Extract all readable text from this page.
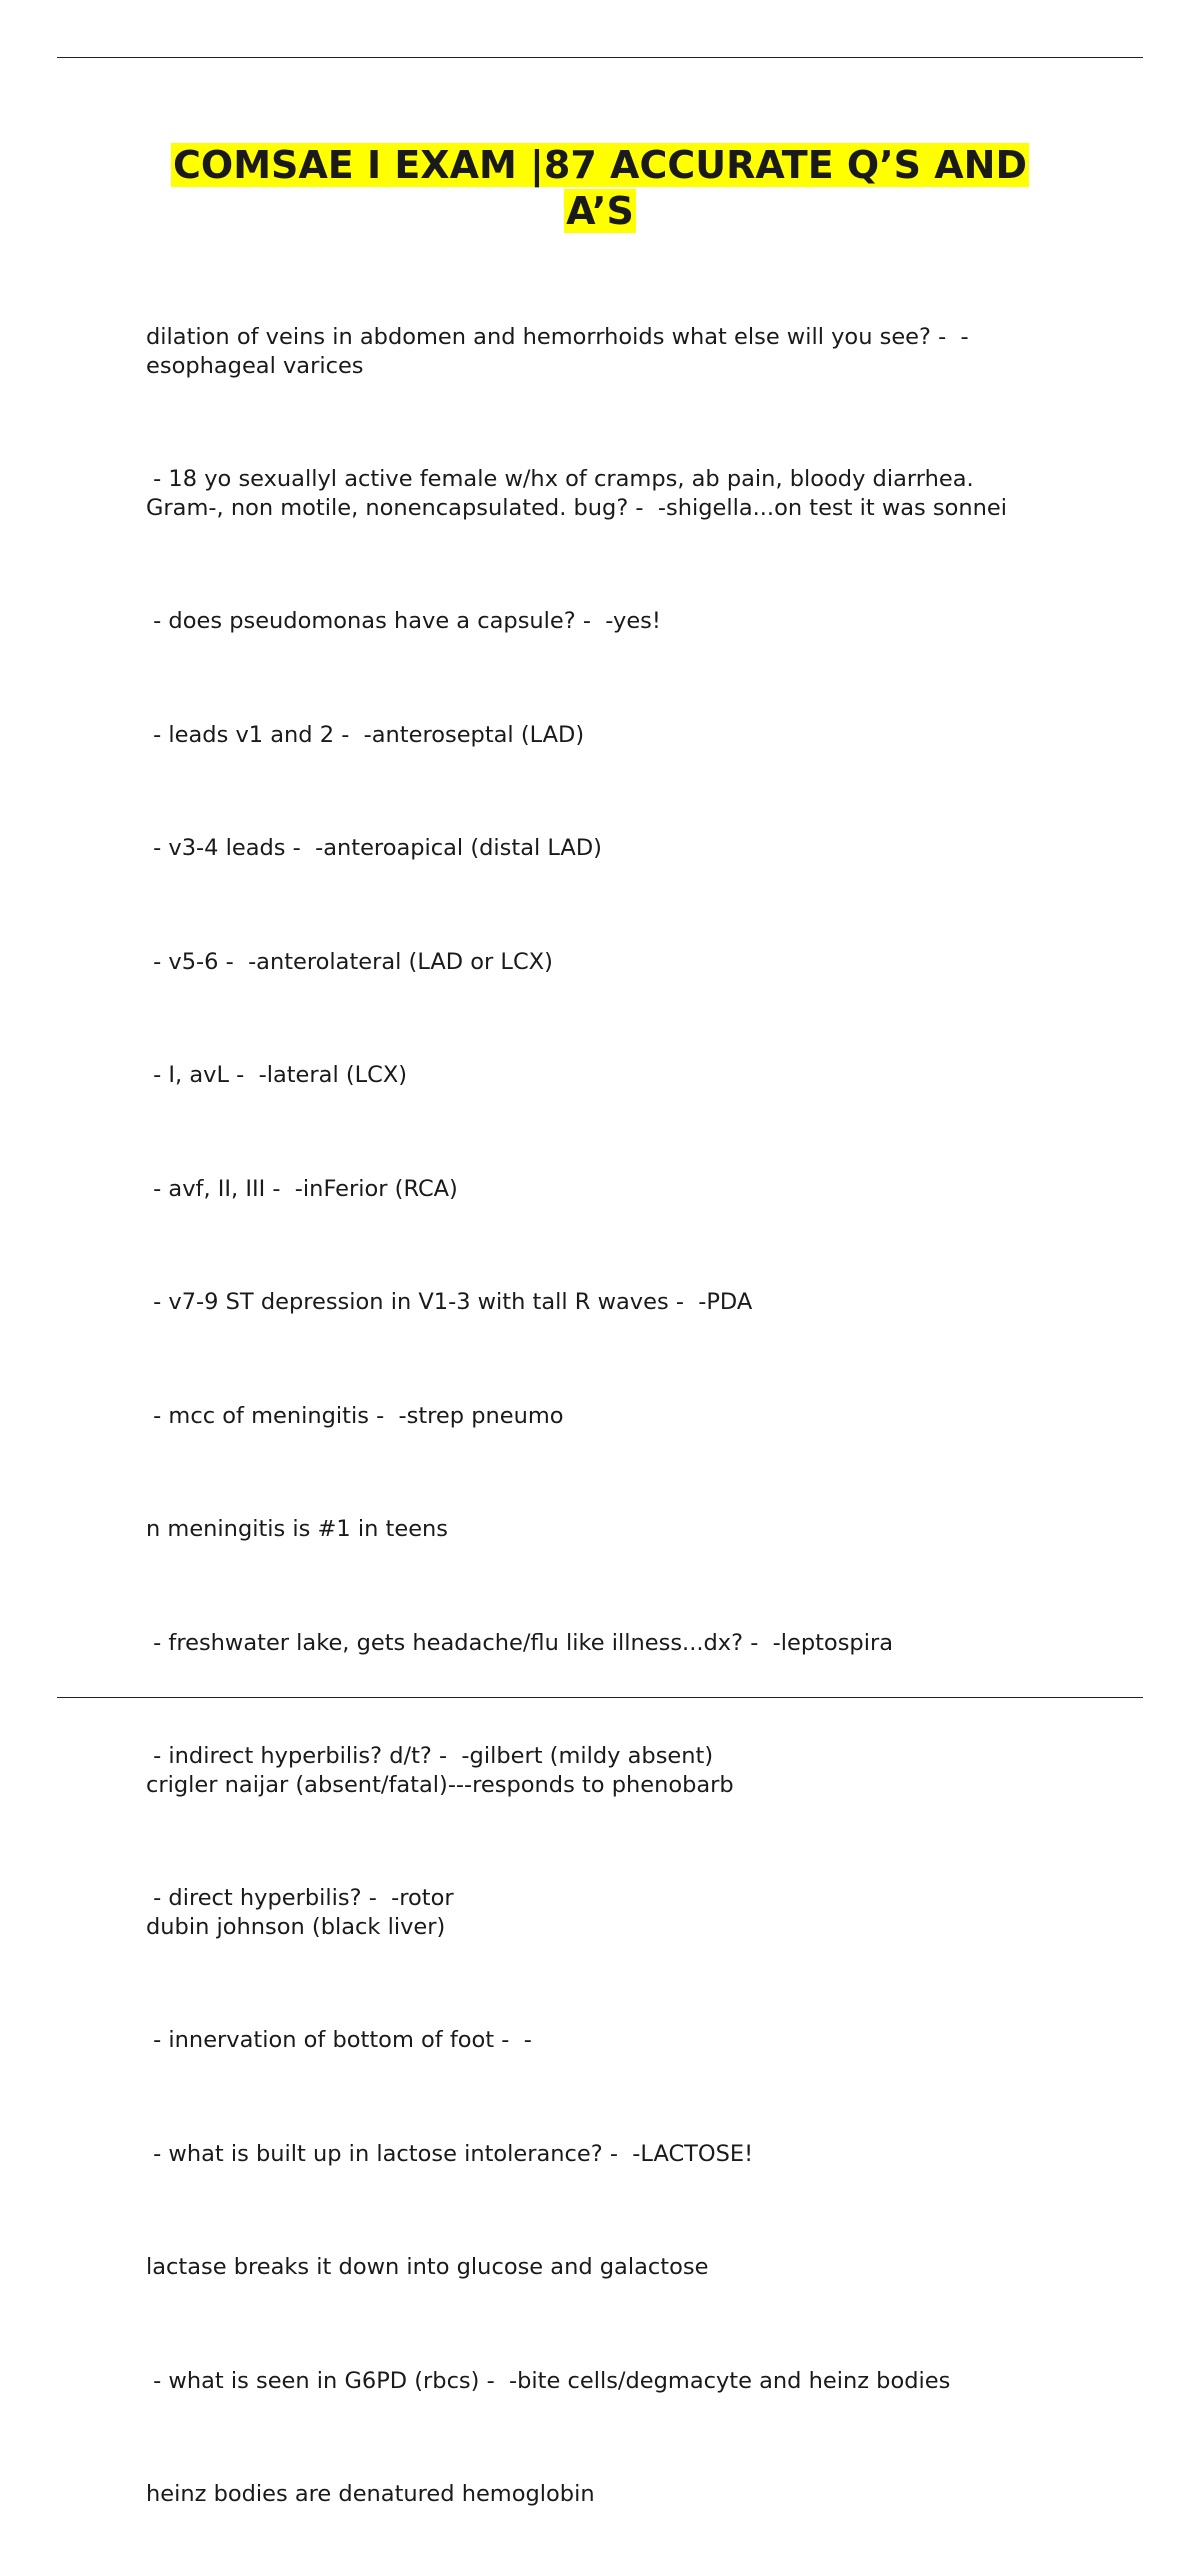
COMSAE I EXAM |87 ACCURATE Q’S AND A’S

dilation of veins in abdomen and hemorrhoids what else will you see? -  -
esophageal varices

- 18 yo sexuallyl active female w/hx of cramps, ab pain, bloody diarrhea.
Gram-, non motile, nonencapsulated. bug? -  -shigella...on test it was sonnei

- does pseudomonas have a capsule? -  -yes!

- leads v1 and 2 -  -anteroseptal (LAD)

- v3-4 leads -  -anteroapical (distal LAD)

- v5-6 -  -anterolateral (LAD or LCX)

- I, avL -  -lateral (LCX)

- avf, II, III -  -inFerior (RCA)

- v7-9 ST depression in V1-3 with tall R waves -  -PDA

- mcc of meningitis -  -strep pneumo

n meningitis is #1 in teens

- freshwater lake, gets headache/flu like illness...dx? -  -leptospira

- indirect hyperbilis? d/t? -  -gilbert (mildy absent)
crigler naijar (absent/fatal)---responds to phenobarb

- direct hyperbilis? -  -rotor
dubin johnson (black liver)

- innervation of bottom of foot -  -

- what is built up in lactose intolerance? -  -LACTOSE!

lactase breaks it down into glucose and galactose

- what is seen in G6PD (rbcs) -  -bite cells/degmacyte and heinz bodies

heinz bodies are denatured hemoglobin
